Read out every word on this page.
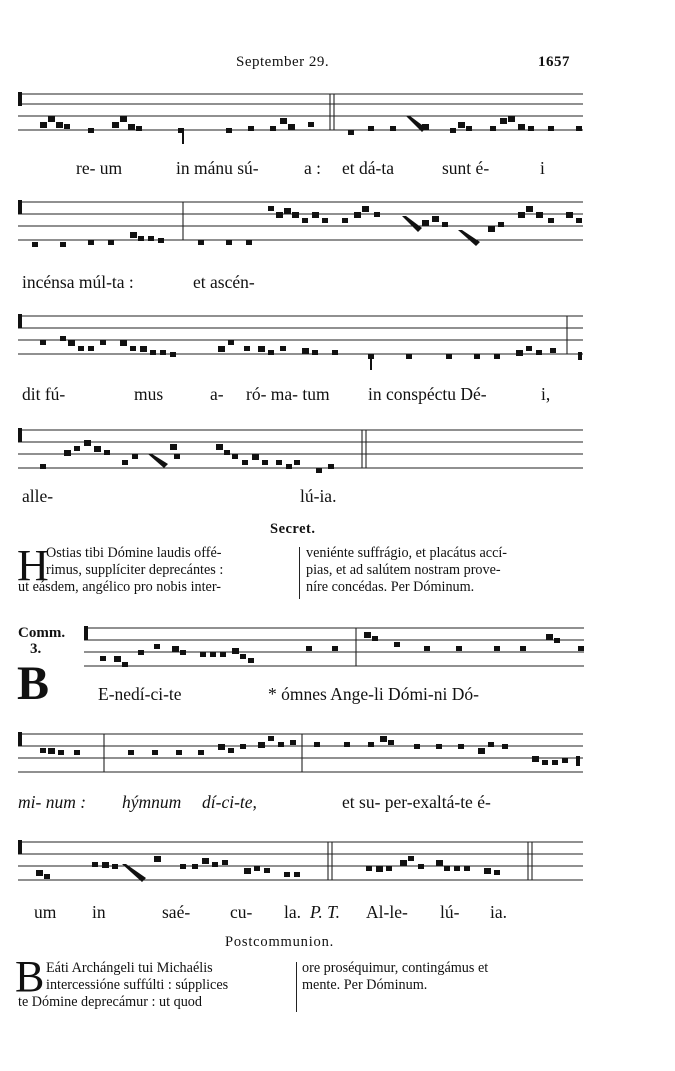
September 29.	1657
re- um	in mánu sú-	a : et dá-ta	sunt é-	i
incénsa múl-ta :	et ascén-
dit fú-	mus	a- ró- ma- tum in conspéctu Dé-	i,
alle-	lú-ia.
Secret.
H
Ostias tibi Dómine laudis offé-
rimus, supplíciter deprecántes :
ut eásdem, angélico pro nobis inter-
veniénte suffrágio, et placátus accí-
pias, et ad salútem nostram prove-
níre concédas. Per Dóminum.
Comm.
3.
B	E-nedí-ci-te	* ómnes Ange-li Dómi-ni Dó-
mi- num : hýmnum dí-ci-te,	et su- per-exaltá-te é-
um in	saé- cu- la. P. T. Al-le- lú- ia.
Postcommunion.
B Eáti Archángeli tui Michaélis
intercessióne suffúlti : súpplices
te Dómine deprecámur : ut quod
ore proséquimur, contingámus et
mente. Per Dóminum.
